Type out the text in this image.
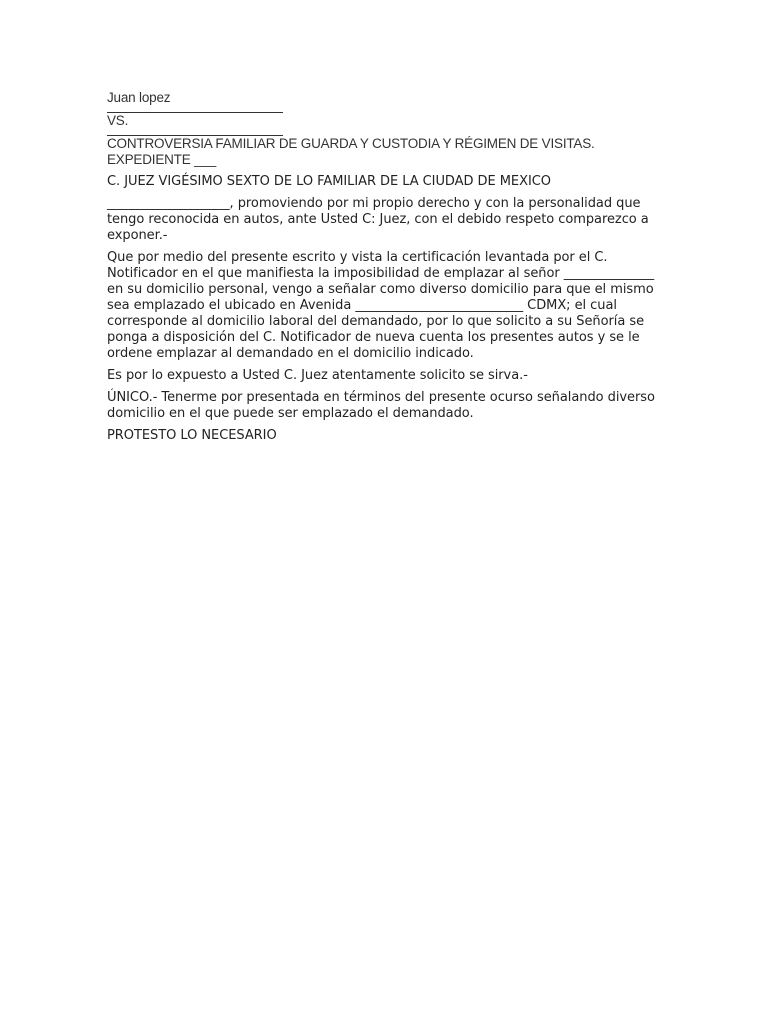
Juan lopez
VS.
CONTROVERSIA FAMILIAR DE GUARDA Y CUSTODIA Y RÉGIMEN DE VISITAS.
EXPEDIENTE ___

C. JUEZ VIGÉSIMO SEXTO DE LO FAMILIAR DE LA CIUDAD DE MEXICO

___________________, promoviendo por mi propio derecho y con la personalidad que tengo reconocida en autos, ante Usted C: Juez, con el debido respeto comparezco a exponer.-

Que por medio del presente escrito y vista la certificación levantada por el C. Notificador en el que manifiesta la imposibilidad de emplazar al señor ______________ en su domicilio personal, vengo a señalar como diverso domicilio para que el mismo sea emplazado el ubicado en Avenida __________________________ CDMX; el cual corresponde al domicilio laboral del demandado, por lo que solicito a su Señoría se ponga a disposición del C. Notificador de nueva cuenta los presentes autos y se le ordene emplazar al demandado en el domicilio indicado.

Es por lo expuesto a Usted C. Juez atentamente solicito se sirva.-

ÚNICO.- Tenerme por presentada en términos del presente ocurso señalando diverso domicilio en el que puede ser emplazado el demandado.

PROTESTO LO NECESARIO
